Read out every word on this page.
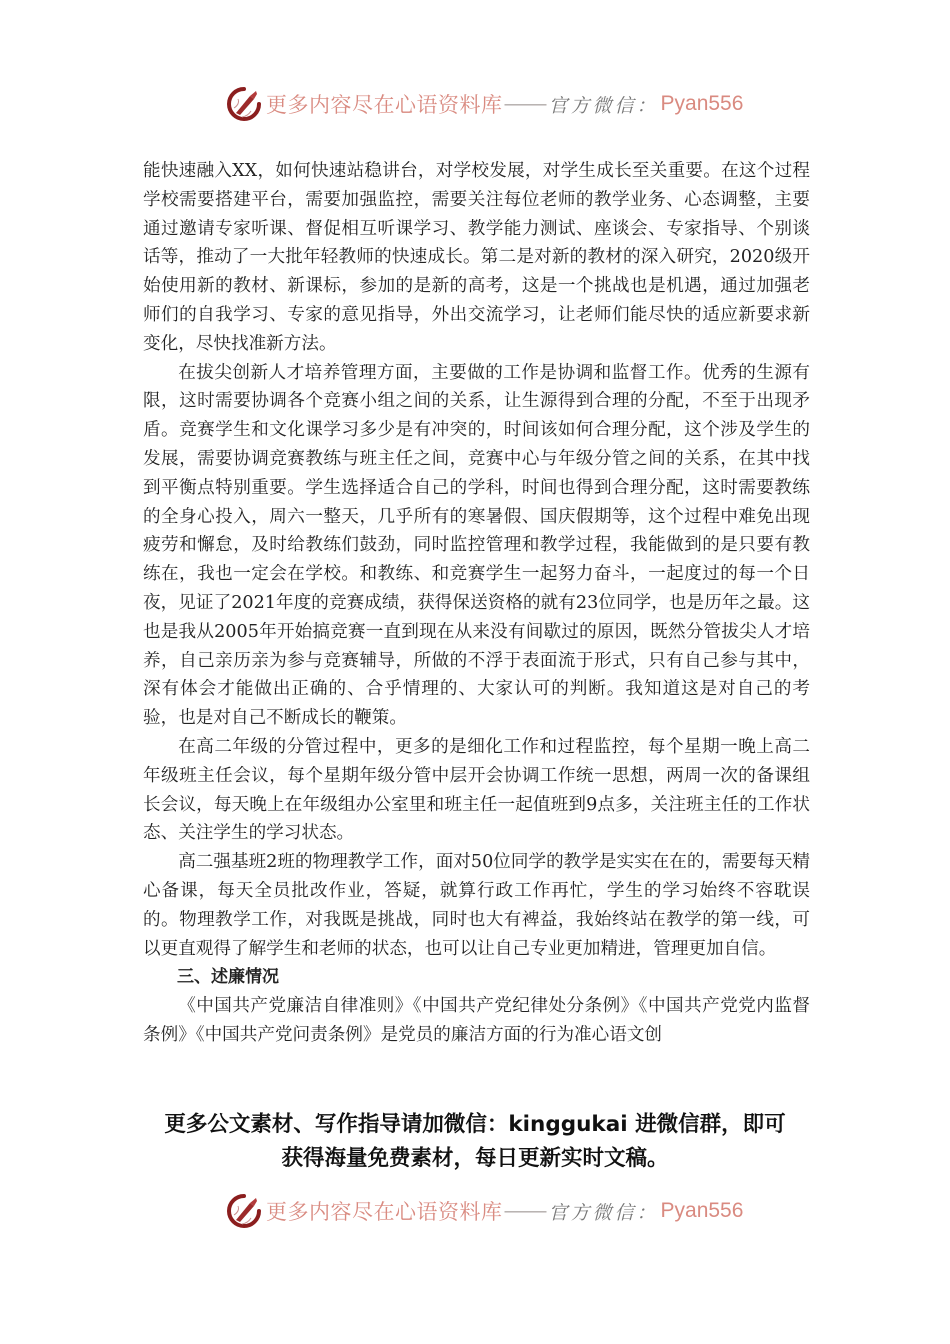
更多内容尽在心语资料库 —— 官方微信： Pyan556

能快速融入XX，如何快速站稳讲台，对学校发展，对学生成长至关重要。在这个过程学校需要搭建平台，需要加强监控，需要关注每位老师的教学业务、心态调整，主要通过邀请专家听课、督促相互听课学习、教学能力测试、座谈会、专家指导、个别谈话等，推动了一大批年轻教师的快速成长。第二是对新的教材的深入研究，2020级开始使用新的教材、新课标，参加的是新的高考，这是一个挑战也是机遇，通过加强老师们的自我学习、专家的意见指导，外出交流学习，让老师们能尽快的适应新要求新变化，尽快找准新方法。

在拔尖创新人才培养管理方面，主要做的工作是协调和监督工作。优秀的生源有限，这时需要协调各个竞赛小组之间的关系，让生源得到合理的分配，不至于出现矛盾。竞赛学生和文化课学习多少是有冲突的，时间该如何合理分配，这个涉及学生的发展，需要协调竞赛教练与班主任之间，竞赛中心与年级分管之间的关系，在其中找到平衡点特别重要。学生选择适合自己的学科，时间也得到合理分配，这时需要教练的全身心投入，周六一整天，几乎所有的寒暑假、国庆假期等，这个过程中难免出现疲劳和懈怠，及时给教练们鼓劲，同时监控管理和教学过程，我能做到的是只要有教练在，我也一定会在学校。和教练、和竞赛学生一起努力奋斗，一起度过的每一个日夜，见证了2021年度的竞赛成绩，获得保送资格的就有23位同学，也是历年之最。这也是我从2005年开始搞竞赛一直到现在从来没有间歇过的原因，既然分管拔尖人才培养，自己亲历亲为参与竞赛辅导，所做的不浮于表面流于形式，只有自己参与其中，深有体会才能做出正确的、合乎情理的、大家认可的判断。我知道这是对自己的考验，也是对自己不断成长的鞭策。

在高二年级的分管过程中，更多的是细化工作和过程监控，每个星期一晚上高二年级班主任会议，每个星期年级分管中层开会协调工作统一思想，两周一次的备课组长会议，每天晚上在年级组办公室里和班主任一起值班到9点多，关注班主任的工作状态、关注学生的学习状态。

高二强基班2班的物理教学工作，面对50位同学的教学是实实在在的，需要每天精心备课，每天全员批改作业，答疑，就算行政工作再忙，学生的学习始终不容耽误的。物理教学工作，对我既是挑战，同时也大有裨益，我始终站在教学的第一线，可以更直观得了解学生和老师的状态，也可以让自己专业更加精进，管理更加自信。

三、述廉情况

《中国共产党廉洁自律准则》《中国共产党纪律处分条例》《中国共产党党内监督条例》《中国共产党问责条例》是党员的廉洁方面的行为准心语文创

更多公文素材、写作指导请加微信：kinggukai 进微信群，即可
获得海量免费素材，每日更新实时文稿。
更多内容尽在心语资料库 —— 官方微信： Pyan556
